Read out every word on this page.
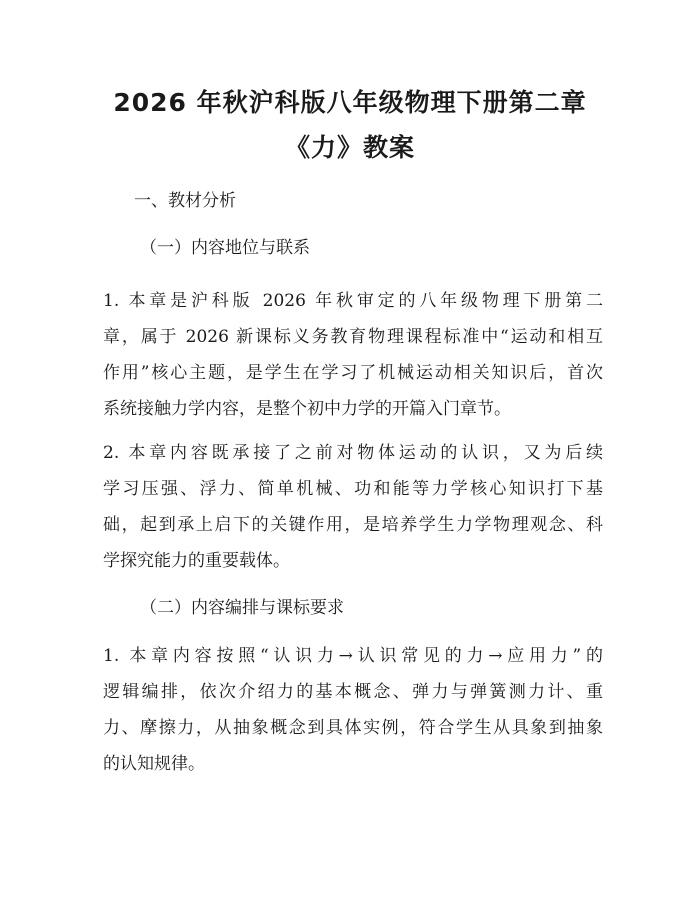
2026 年秋沪科版八年级物理下册第二章
《力》教案

一、教材分析

（一）内容地位与联系

1. 本章是沪科版 2026 年秋审定的八年级物理下册第二
章，属于 2026 新课标义务教育物理课程标准中“运动和相互
作用”核心主题，是学生在学习了机械运动相关知识后，首次
系统接触力学内容，是整个初中力学的开篇入门章节。

2. 本章内容既承接了之前对物体运动的认识，又为后续
学习压强、浮力、简单机械、功和能等力学核心知识打下基
础，起到承上启下的关键作用，是培养学生力学物理观念、科
学探究能力的重要载体。

（二）内容编排与课标要求

1. 本章内容按照“认识力→认识常见的力→应用力”的
逻辑编排，依次介绍力的基本概念、弹力与弹簧测力计、重
力、摩擦力，从抽象概念到具体实例，符合学生从具象到抽象
的认知规律。
